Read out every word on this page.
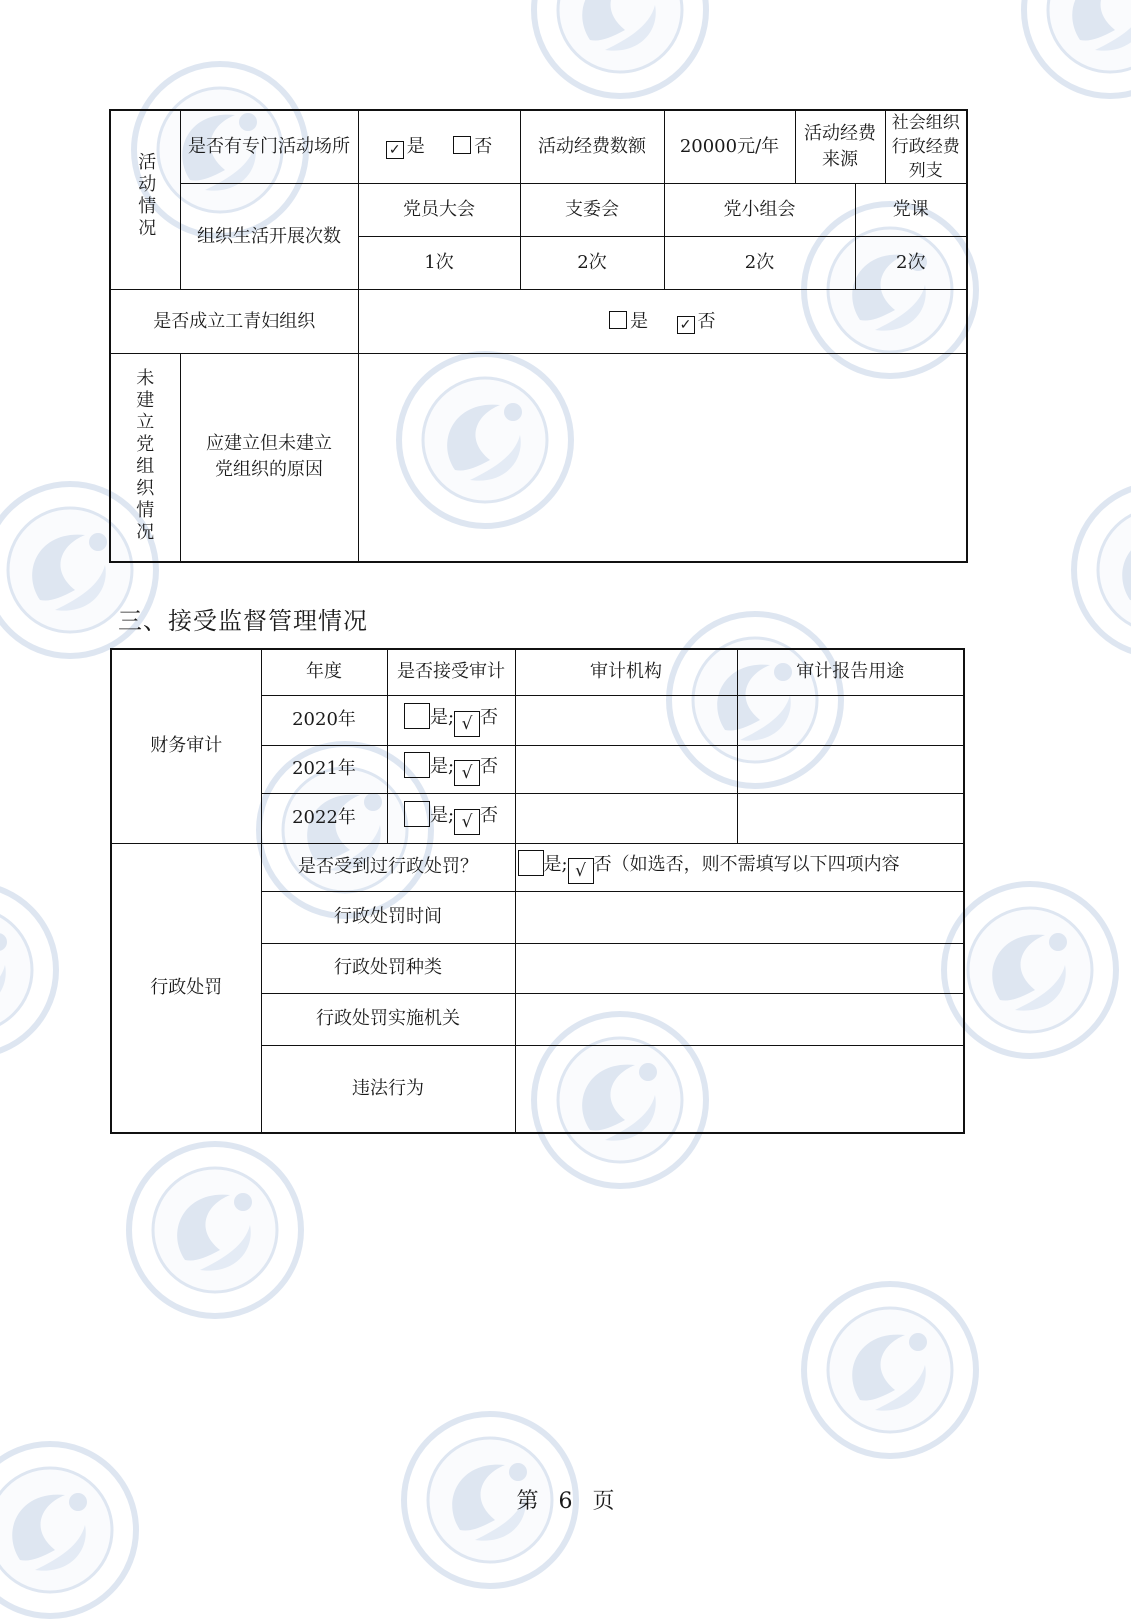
活动情况	是否有专门活动场所	✓ 是 否	活动经费数额	20000元/年	活动经费来源		社会组织行政经费列支
	组织生活开展次数	党员大会	支委会	党小组会		党课	
		1次	2次	2次		2次	
是否成立工青妇组织		是 ✓ 否					
未建立党组织情况	应建立但未建立党组织的原因						
三、接受监督管理情况
财务审计	年度	是否接受审计	审计机构	审计报告用途
	2020年	是; √ 否		
	2021年	是; √ 否		
	2022年	是; √ 否		
行政处罚	是否受到过行政处罚？		是; √ 否（如选否，则不需填写以下四项内容	
	行政处罚时间			
	行政处罚种类			
	行政处罚实施机关			
	违法行为			
第 6 页
